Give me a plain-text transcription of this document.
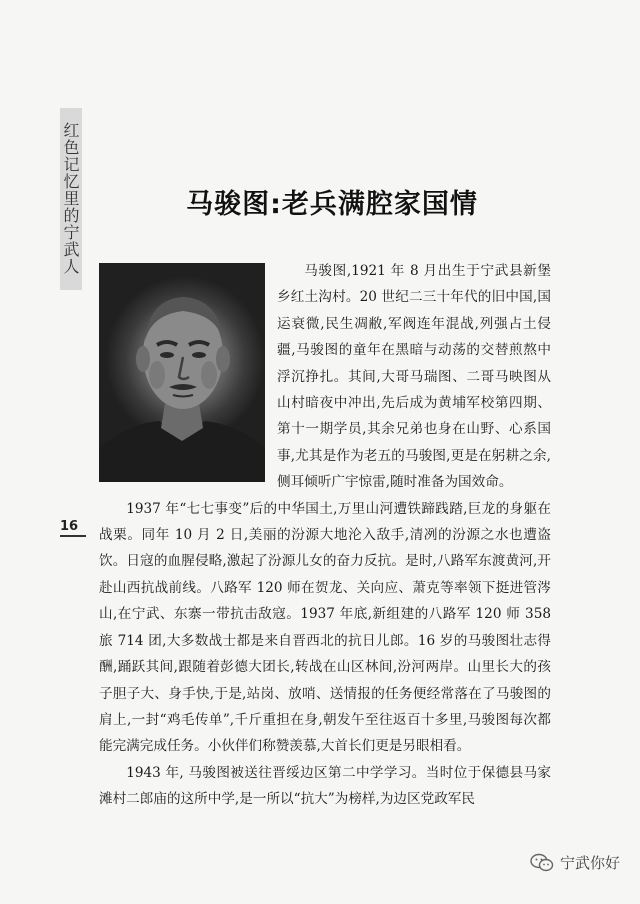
红色记忆里的宁武人	马骏图:老兵满腔家国情

马骏图,1921 年 8 月出生于宁武县新堡乡红土沟村。20 世纪二三十年代的旧中国,国运衰微,民生凋敝,军阀连年混战,列强占土侵疆,马骏图的童年在黑暗与动荡的交替煎熬中浮沉挣扎。其间,大哥马瑞图、二哥马映图从山村暗夜中冲出,先后成为黄埔军校第四期、第十一期学员,其余兄弟也身在山野、心系国事,尤其是作为老五的马骏图,更是在躬耕之余,侧耳倾听广宇惊雷,随时准备为国效命。

1937 年“七七事变”后的中华国土,万里山河遭铁蹄践踏,巨龙的身躯在战栗。同年 10 月 2 日,美丽的汾源大地沦入敌手,清冽的汾源之水也遭盗饮。日寇的血腥侵略,激起了汾源儿女的奋力反抗。是时,八路军东渡黄河,开赴山西抗战前线。八路军 120 师在贺龙、关向应、萧克等率领下挺进管涔山,在宁武、东寨一带抗击敌寇。1937 年底,新组建的八路军 120 师 358 旅 714 团,大多数战士都是来自晋西北的抗日儿郎。16 岁的马骏图壮志得酬,踊跃其间,跟随着彭德大团长,转战在山区林间,汾河两岸。山里长大的孩子胆子大、身手快,于是,站岗、放哨、送情报的任务便经常落在了马骏图的肩上,一封“鸡毛传单”,千斤重担在身,朝发午至往返百十多里,马骏图每次都能完满完成任务。小伙伴们称赞羡慕,大首长们更是另眼相看。

1943 年, 马骏图被送往晋绥边区第二中学学习。当时位于保德县马家滩村二郎庙的这所中学,是一所以“抗大”为榜样,为边区党政军民

16
宁武你好
